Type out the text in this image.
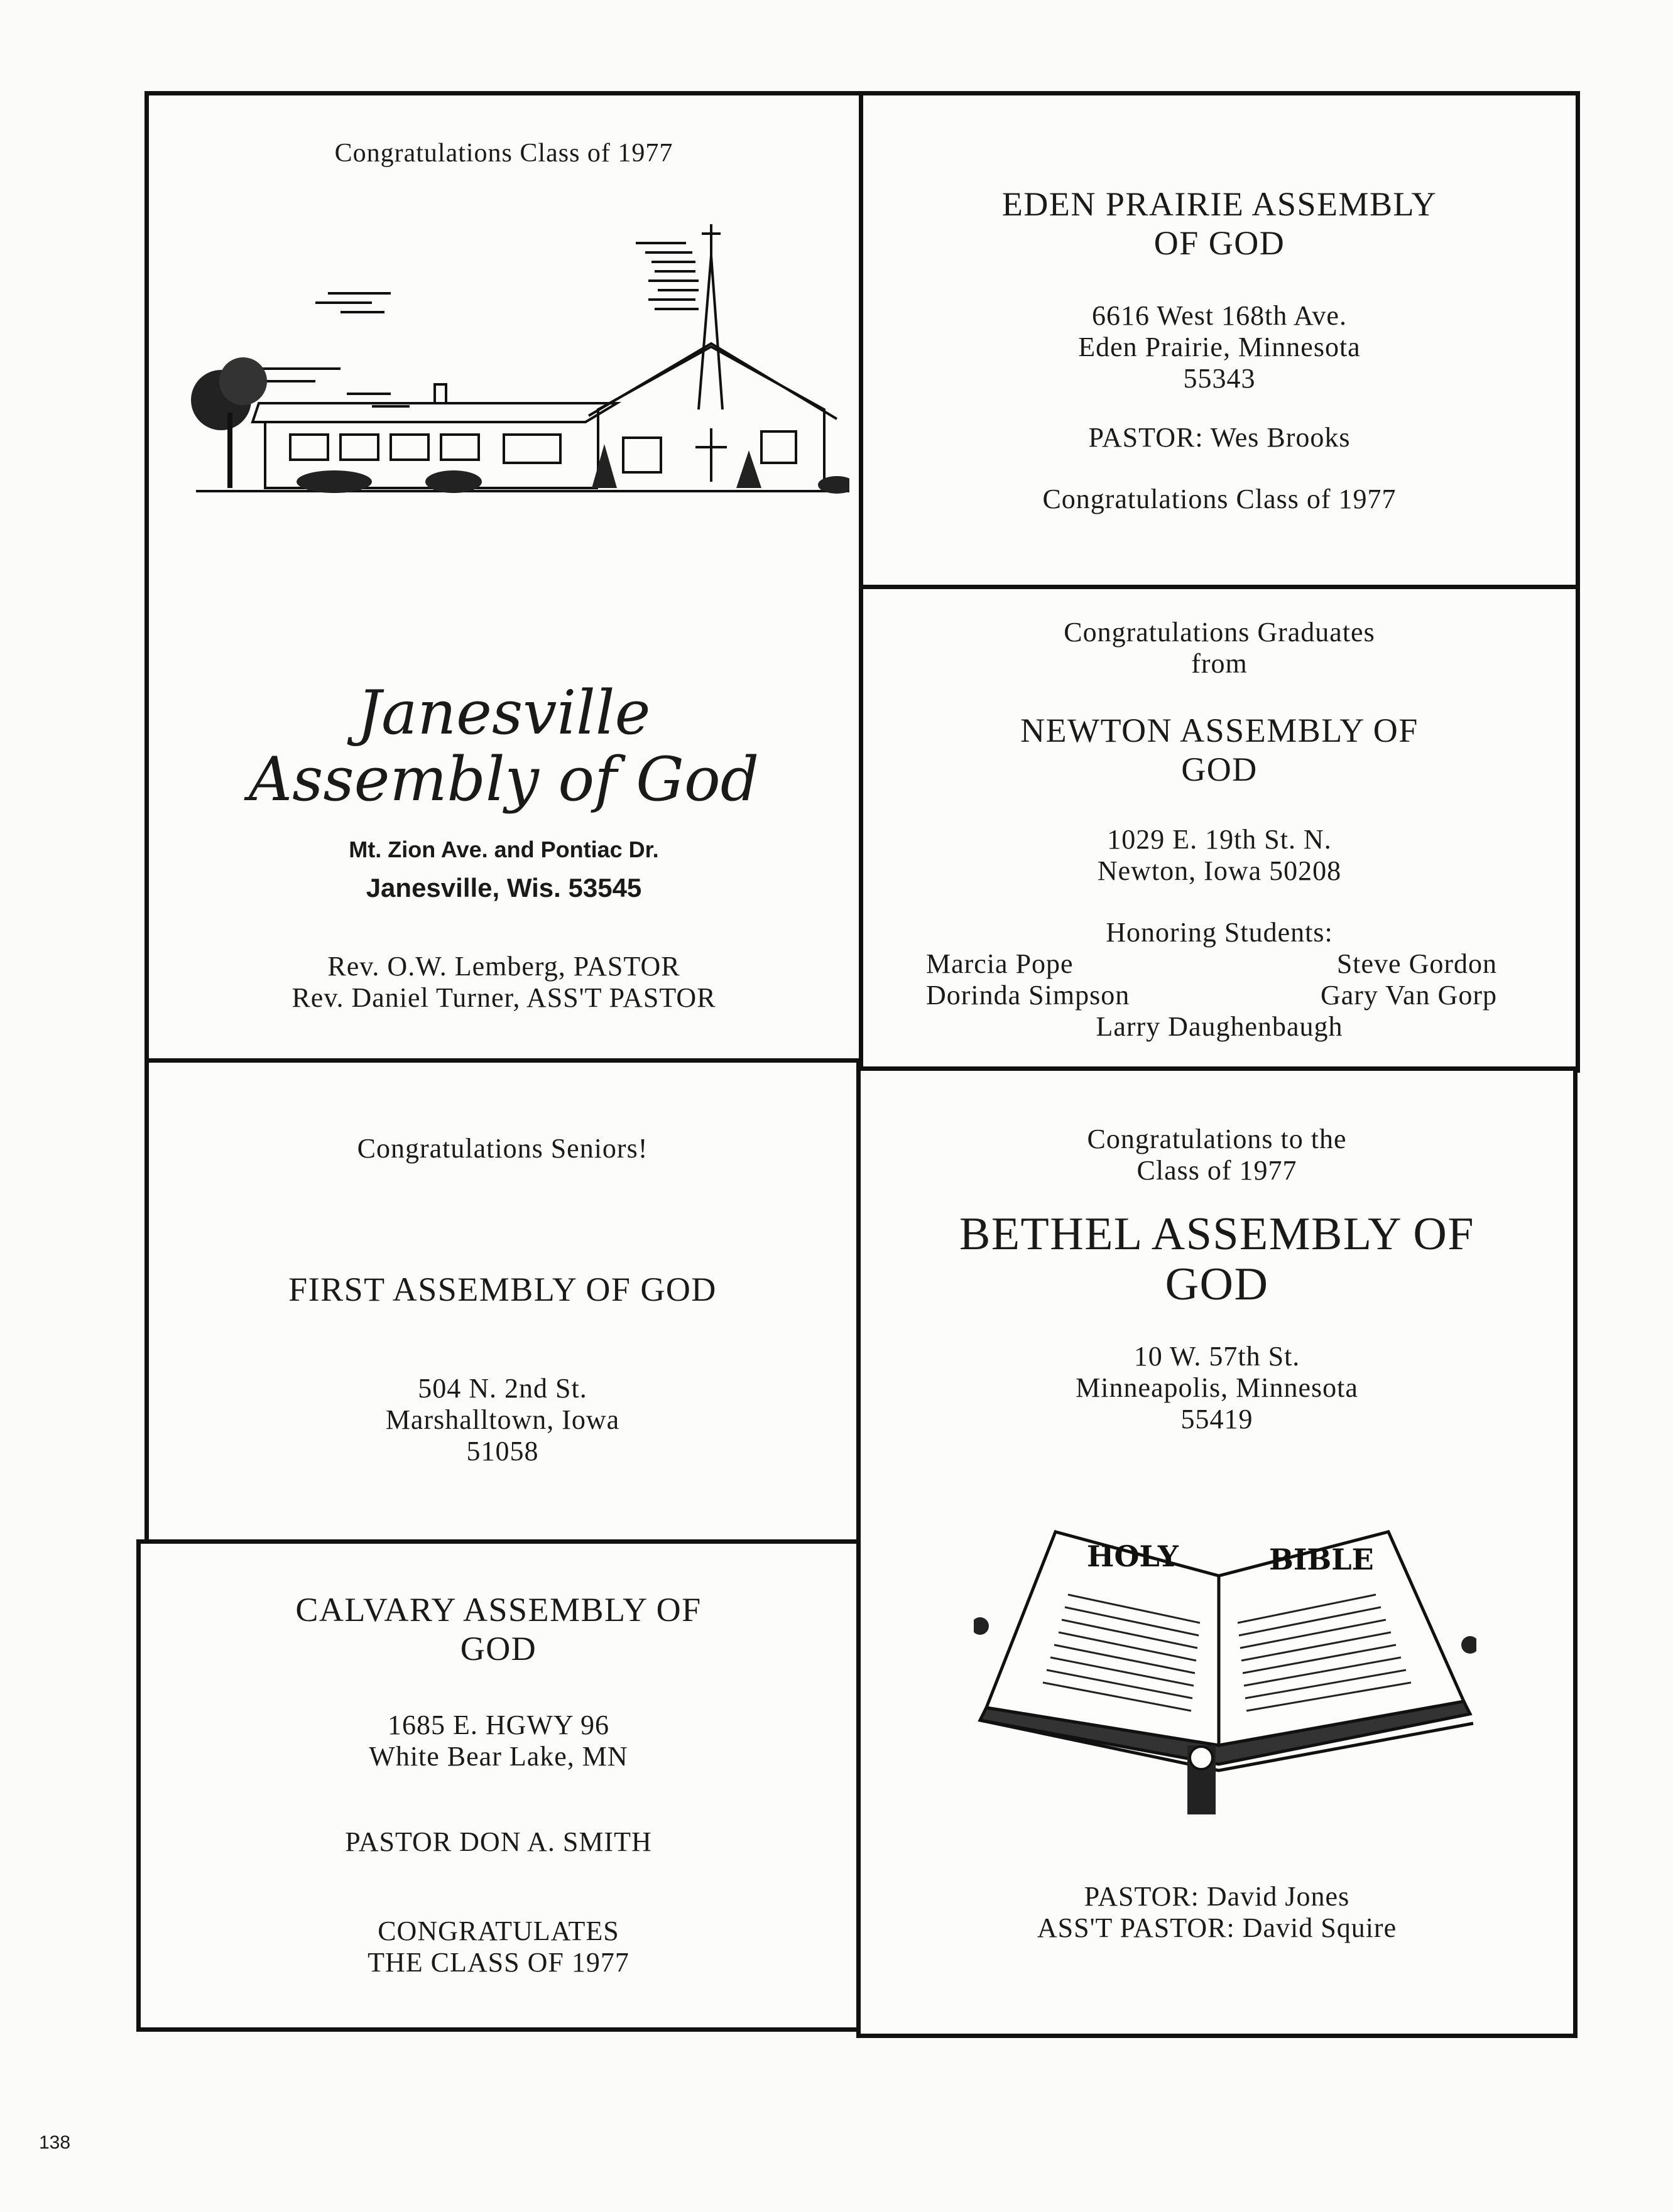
Congratulations Class of 1977
Janesville
Assembly of God
Mt. Zion Ave. and Pontiac Dr.
Janesville, Wis. 53545
Rev. O.W. Lemberg, PASTOR
Rev. Daniel Turner, ASS'T PASTOR
EDEN PRAIRIE ASSEMBLY
OF GOD
6616 West 168th Ave.
Eden Prairie, Minnesota
55343
PASTOR: Wes Brooks
Congratulations Class of 1977
Congratulations Graduates
from
NEWTON ASSEMBLY OF
GOD
1029 E. 19th St. N.
Newton, Iowa 50208
Honoring Students:
Marcia Pope	Steve Gordon
Dorinda Simpson	Gary Van Gorp
Larry Daughenbaugh
Congratulations Seniors!
FIRST ASSEMBLY OF GOD
504 N. 2nd St.
Marshalltown, Iowa
51058
CALVARY ASSEMBLY OF
GOD
1685 E. HGWY 96
White Bear Lake, MN
PASTOR DON A. SMITH
CONGRATULATES
THE CLASS OF 1977
Congratulations to the
Class of 1977
BETHEL ASSEMBLY OF
GOD
10 W. 57th St.
Minneapolis, Minnesota
55419
HOLY	BIBLE
PASTOR: David Jones
ASS'T PASTOR: David Squire
138
